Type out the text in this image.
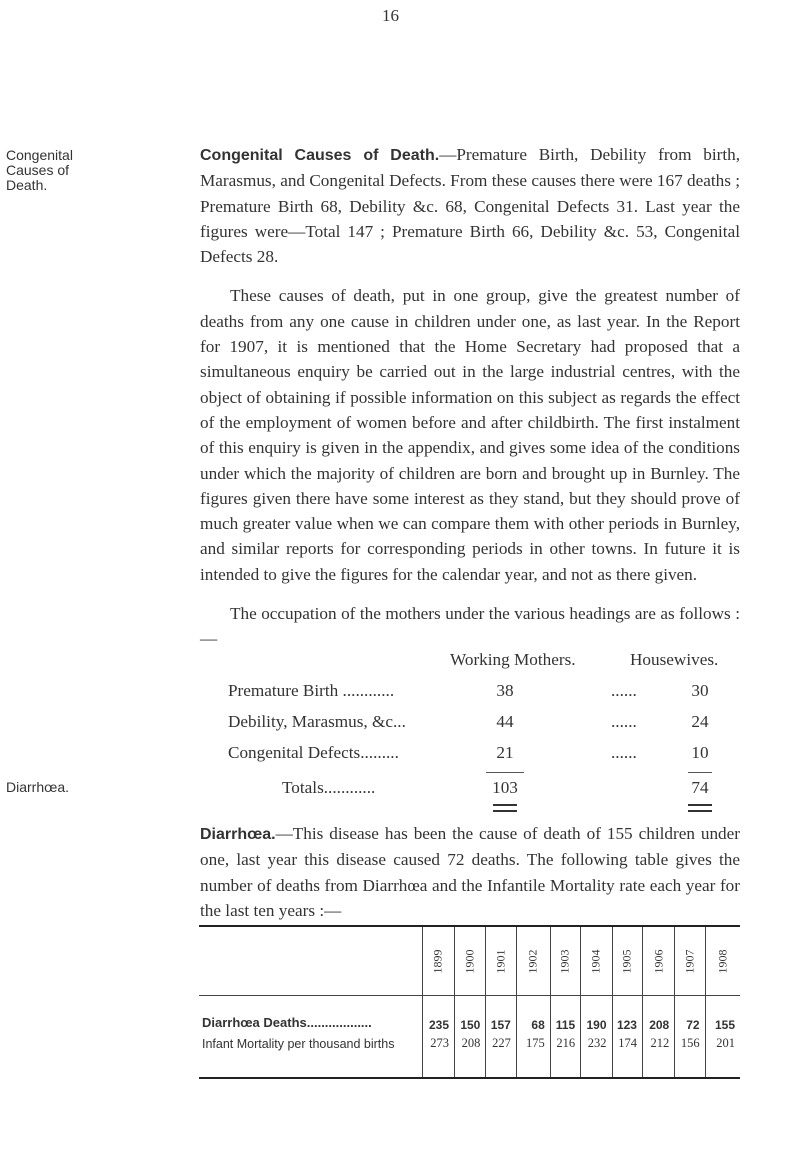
16
Congenital
Causes of
Death.
Diarrhœa.

Congenital Causes of Death.—Premature Birth, Debility from birth, Marasmus, and Congenital Defects. From these causes there were 167 deaths ; Premature Birth 68, Debility &c. 68, Congenital Defects 31. Last year the figures were—Total 147 ; Premature Birth 66, Debility &c. 53, Congenital Defects 28.

These causes of death, put in one group, give the greatest number of deaths from any one cause in children under one, as last year. In the Report for 1907, it is mentioned that the Home Secretary had proposed that a simultaneous enquiry be carried out in the large industrial centres, with the object of obtaining if possible information on this subject as regards the effect of the employment of women before and after childbirth. The first instalment of this enquiry is given in the appendix, and gives some idea of the conditions under which the majority of children are born and brought up in Burnley. The figures given there have some interest as they stand, but they should prove of much greater value when we can compare them with other periods in Burnley, and similar reports for corresponding periods in other towns. In future it is intended to give the figures for the calendar year, and not as there given.

The occupation of the mothers under the various headings are as follows :—

Working Mothers.	Housewives.
Premature Birth ............	38	......	30
Debility, Marasmus, &c...	44	......	24
Congenital Defects.........	21	......	10
Totals............	103	74

Diarrhœa.—This disease has been the cause of death of 155 children under one, last year this disease caused 72 deaths. The following table gives the number of deaths from Diarrhœa and the Infantile Mortality rate each year for the last ten years :—

	1899	1900	1901	1902	1903	1904	1905	1906	1907	1908
Diarrhœa Deaths..................	235	150	157	68	115	190	123	208	72	155
Infant Mortality per thousand births	273	208	227	175	216	232	174	212	156	201
